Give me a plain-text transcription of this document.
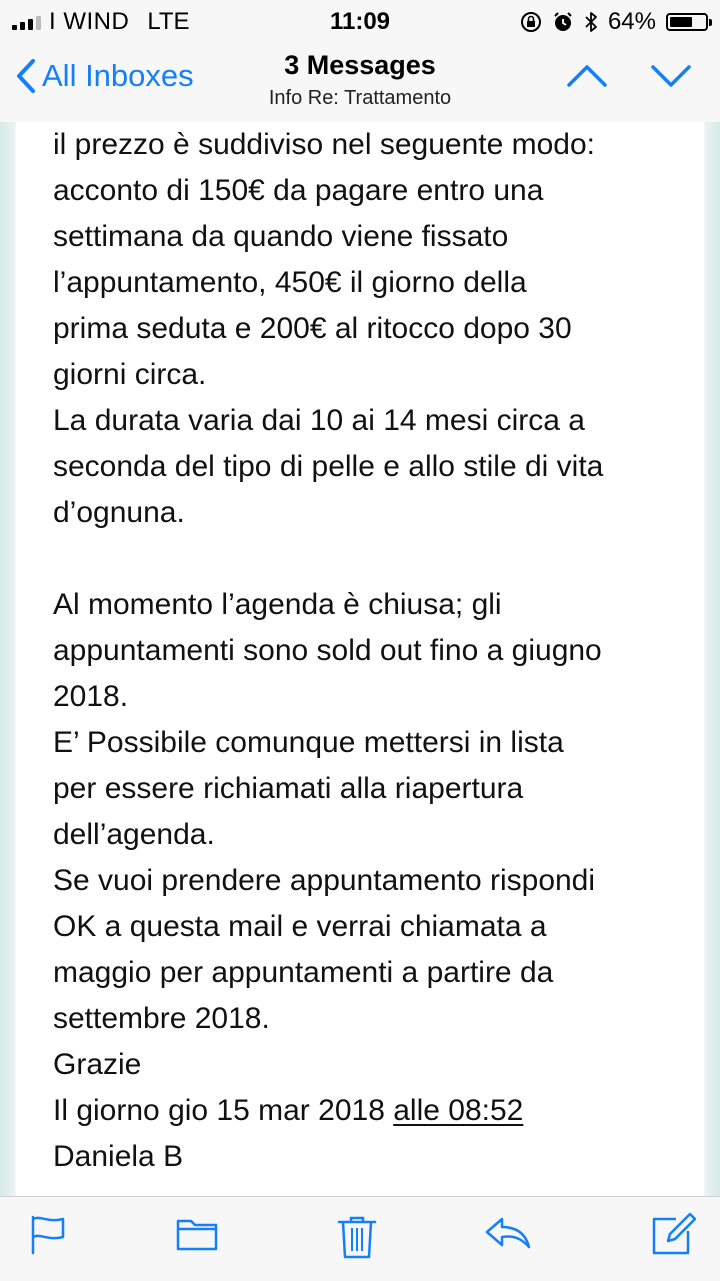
I WIND LTE	11:09	64%
All Inboxes	3 Messages
Info Re: Trattamento
il prezzo è suddiviso nel seguente modo:
acconto di 150€ da pagare entro una
settimana da quando viene fissato
l’appuntamento, 450€ il giorno della
prima seduta e 200€ al ritocco dopo 30
giorni circa.
La durata varia dai 10 ai 14 mesi circa a
seconda del tipo di pelle e allo stile di vita
d’ognuna.
Al momento l’agenda è chiusa; gli
appuntamenti sono sold out fino a giugno
2018.
E’ Possibile comunque mettersi in lista
per essere richiamati alla riapertura
dell’agenda.
Se vuoi prendere appuntamento rispondi
OK a questa mail e verrai chiamata a
maggio per appuntamenti a partire da
settembre 2018.
Grazie
Il giorno gio 15 mar 2018 alle 08:52
Daniela B
